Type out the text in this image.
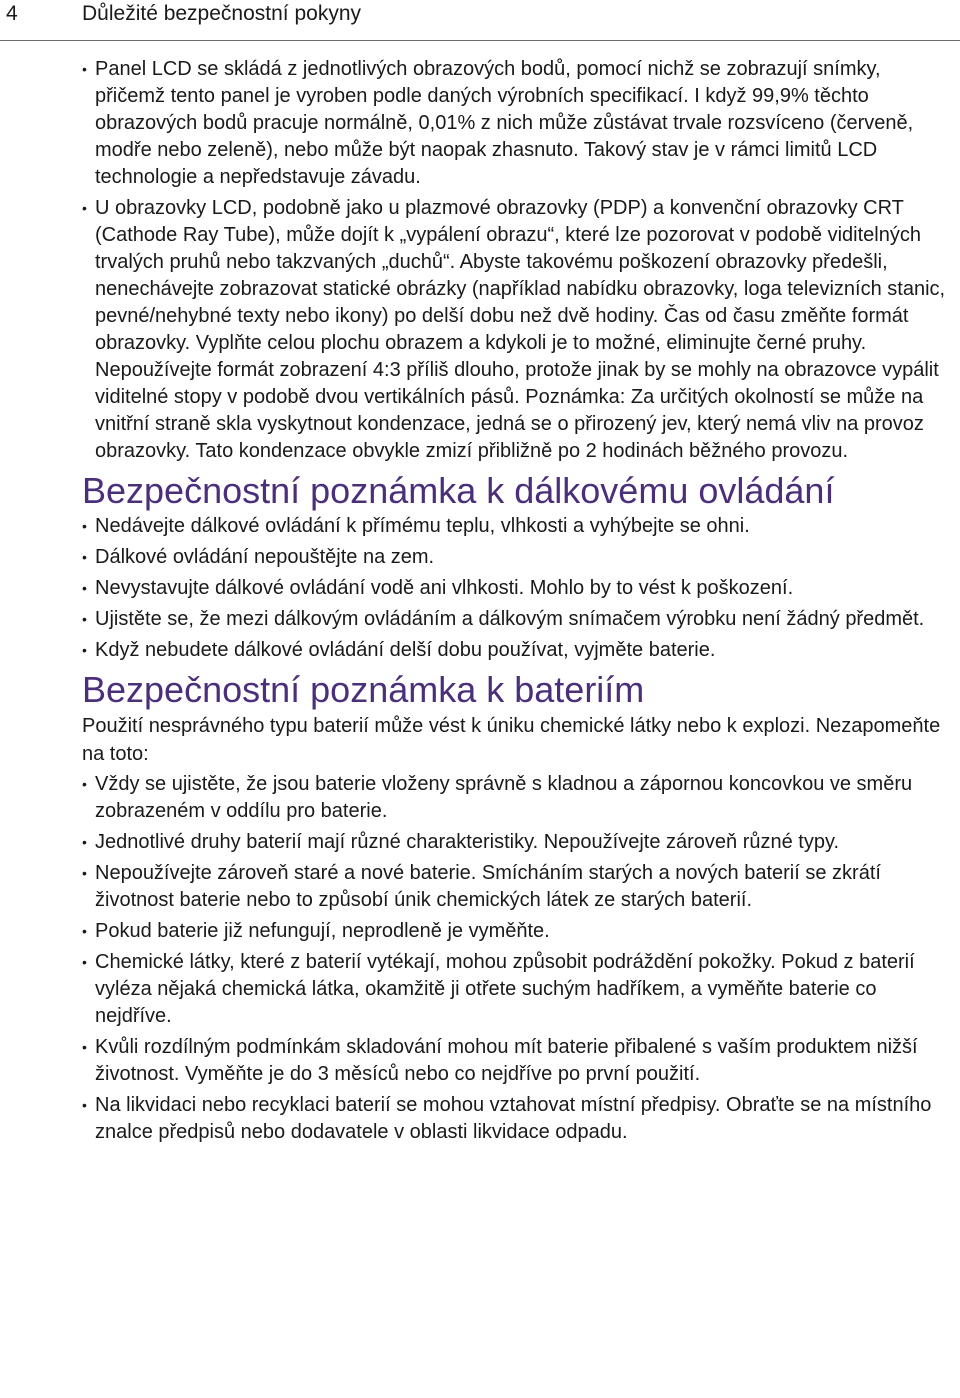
4	Důležité bezpečnostní pokyny
• Panel LCD se skládá z jednotlivých obrazových bodů, pomocí nichž se zobrazují snímky, přičemž tento panel je vyroben podle daných výrobních specifikací. I když 99,9% těchto obrazových bodů pracuje normálně, 0,01% z nich může zůstávat trvale rozsvíceno (červeně, modře nebo zeleně), nebo může být naopak zhasnuto. Takový stav je v rámci limitů LCD technologie a nepředstavuje závadu.
• U obrazovky LCD, podobně jako u plazmové obrazovky (PDP) a konvenční obrazovky CRT (Cathode Ray Tube), může dojít k „vypálení obrazu“, které lze pozorovat v podobě viditelných trvalých pruhů nebo takzvaných „duchů“. Abyste takovému poškození obrazovky předešli, nenechávejte zobrazovat statické obrázky (například nabídku obrazovky, loga televizních stanic, pevné/nehybné texty nebo ikony) po delší dobu než dvě hodiny. Čas od času změňte formát obrazovky. Vyplňte celou plochu obrazem a kdykoli je to možné, eliminujte černé pruhy. Nepoužívejte formát zobrazení 4:3 příliš dlouho, protože jinak by se mohly na obrazovce vypálit viditelné stopy v podobě dvou vertikálních pásů. Poznámka: Za určitých okolností se může na vnitřní straně skla vyskytnout kondenzace, jedná se o přirozený jev, který nemá vliv na provoz obrazovky. Tato kondenzace obvykle zmizí přibližně po 2 hodinách běžného provozu.
Bezpečnostní poznámka k dálkovému ovládání
• Nedávejte dálkové ovládání k přímému teplu, vlhkosti a vyhýbejte se ohni.
• Dálkové ovládání nepouštějte na zem.
• Nevystavujte dálkové ovládání vodě ani vlhkosti. Mohlo by to vést k poškození.
• Ujistěte se, že mezi dálkovým ovládáním a dálkovým snímačem výrobku není žádný předmět.
• Když nebudete dálkové ovládání delší dobu používat, vyjměte baterie.
Bezpečnostní poznámka k bateriím

Použití nesprávného typu baterií může vést k úniku chemické látky nebo k explozi. Nezapomeňte na toto:

• Vždy se ujistěte, že jsou baterie vloženy správně s kladnou a zápornou koncovkou ve směru zobrazeném v oddílu pro baterie.
• Jednotlivé druhy baterií mají různé charakteristiky. Nepoužívejte zároveň různé typy.
• Nepoužívejte zároveň staré a nové baterie. Smícháním starých a nových baterií se zkrátí životnost baterie nebo to způsobí únik chemických látek ze starých baterií.
• Pokud baterie již nefungují, neprodleně je vyměňte.
• Chemické látky, které z baterií vytékají, mohou způsobit podráždění pokožky. Pokud z baterií vyléza nějaká chemická látka, okamžitě ji otřete suchým hadříkem, a vyměňte baterie co nejdříve.
• Kvůli rozdílným podmínkám skladování mohou mít baterie přibalené s vaším produktem nižší životnost. Vyměňte je do 3 měsíců nebo co nejdříve po první použití.
• Na likvidaci nebo recyklaci baterií se mohou vztahovat místní předpisy. Obraťte se na místního znalce předpisů nebo dodavatele v oblasti likvidace odpadu.
